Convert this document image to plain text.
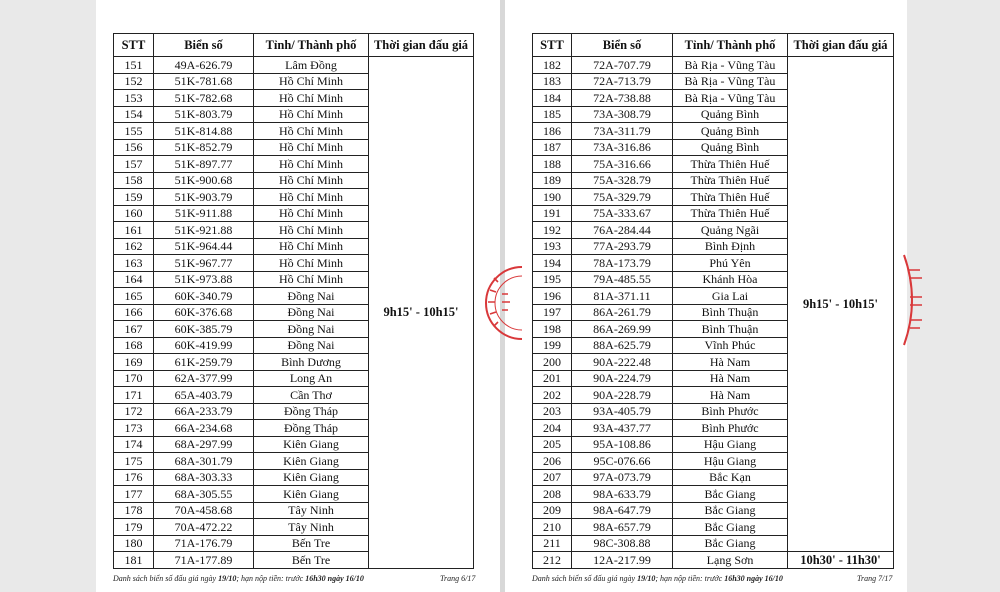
STT	Biển số	Tỉnh/ Thành phố	Thời gian đấu giá
151	49A-626.79	Lâm Đồng	9h15' - 10h15'
152	51K-781.68	Hồ Chí Minh	
153	51K-782.68	Hồ Chí Minh	
154	51K-803.79	Hồ Chí Minh	
155	51K-814.88	Hồ Chí Minh	
156	51K-852.79	Hồ Chí Minh	
157	51K-897.77	Hồ Chí Minh	
158	51K-900.68	Hồ Chí Minh	
159	51K-903.79	Hồ Chí Minh	
160	51K-911.88	Hồ Chí Minh	
161	51K-921.88	Hồ Chí Minh	
162	51K-964.44	Hồ Chí Minh	
163	51K-967.77	Hồ Chí Minh	
164	51K-973.88	Hồ Chí Minh	
165	60K-340.79	Đồng Nai	
166	60K-376.68	Đồng Nai	
167	60K-385.79	Đồng Nai	
168	60K-419.99	Đồng Nai	
169	61K-259.79	Bình Dương	
170	62A-377.99	Long An	
171	65A-403.79	Cần Thơ	
172	66A-233.79	Đồng Tháp	
173	66A-234.68	Đồng Tháp	
174	68A-297.99	Kiên Giang	
175	68A-301.79	Kiên Giang	
176	68A-303.33	Kiên Giang	
177	68A-305.55	Kiên Giang	
178	70A-458.68	Tây Ninh	
179	70A-472.22	Tây Ninh	
180	71A-176.79	Bến Tre	
181	71A-177.89	Bến Tre	
Danh sách biển số đấu giá ngày 19/10; hạn nộp tiền: trước 16h30 ngày 16/10	Trang 6/17
STT	Biển số	Tỉnh/ Thành phố	Thời gian đấu giá
182	72A-707.79	Bà Rịa - Vũng Tàu	9h15' - 10h15'
183	72A-713.79	Bà Rịa - Vũng Tàu	
184	72A-738.88	Bà Rịa - Vũng Tàu	
185	73A-308.79	Quảng Bình	
186	73A-311.79	Quảng Bình	
187	73A-316.86	Quảng Bình	
188	75A-316.66	Thừa Thiên Huế	
189	75A-328.79	Thừa Thiên Huế	
190	75A-329.79	Thừa Thiên Huế	
191	75A-333.67	Thừa Thiên Huế	
192	76A-284.44	Quảng Ngãi	
193	77A-293.79	Bình Định	
194	78A-173.79	Phú Yên	
195	79A-485.55	Khánh Hòa	
196	81A-371.11	Gia Lai	
197	86A-261.79	Bình Thuận	
198	86A-269.99	Bình Thuận	
199	88A-625.79	Vĩnh Phúc	
200	90A-222.48	Hà Nam	
201	90A-224.79	Hà Nam	
202	90A-228.79	Hà Nam	
203	93A-405.79	Bình Phước	
204	93A-437.77	Bình Phước	
205	95A-108.86	Hậu Giang	
206	95C-076.66	Hậu Giang	
207	97A-073.79	Bắc Kạn	
208	98A-633.79	Bắc Giang	
209	98A-647.79	Bắc Giang	
210	98A-657.79	Bắc Giang	
211	98C-308.88	Bắc Giang	
212	12A-217.99	Lạng Sơn	10h30' - 11h30'
Danh sách biển số đấu giá ngày 19/10; hạn nộp tiền: trước 16h30 ngày 16/10	Trang 7/17
